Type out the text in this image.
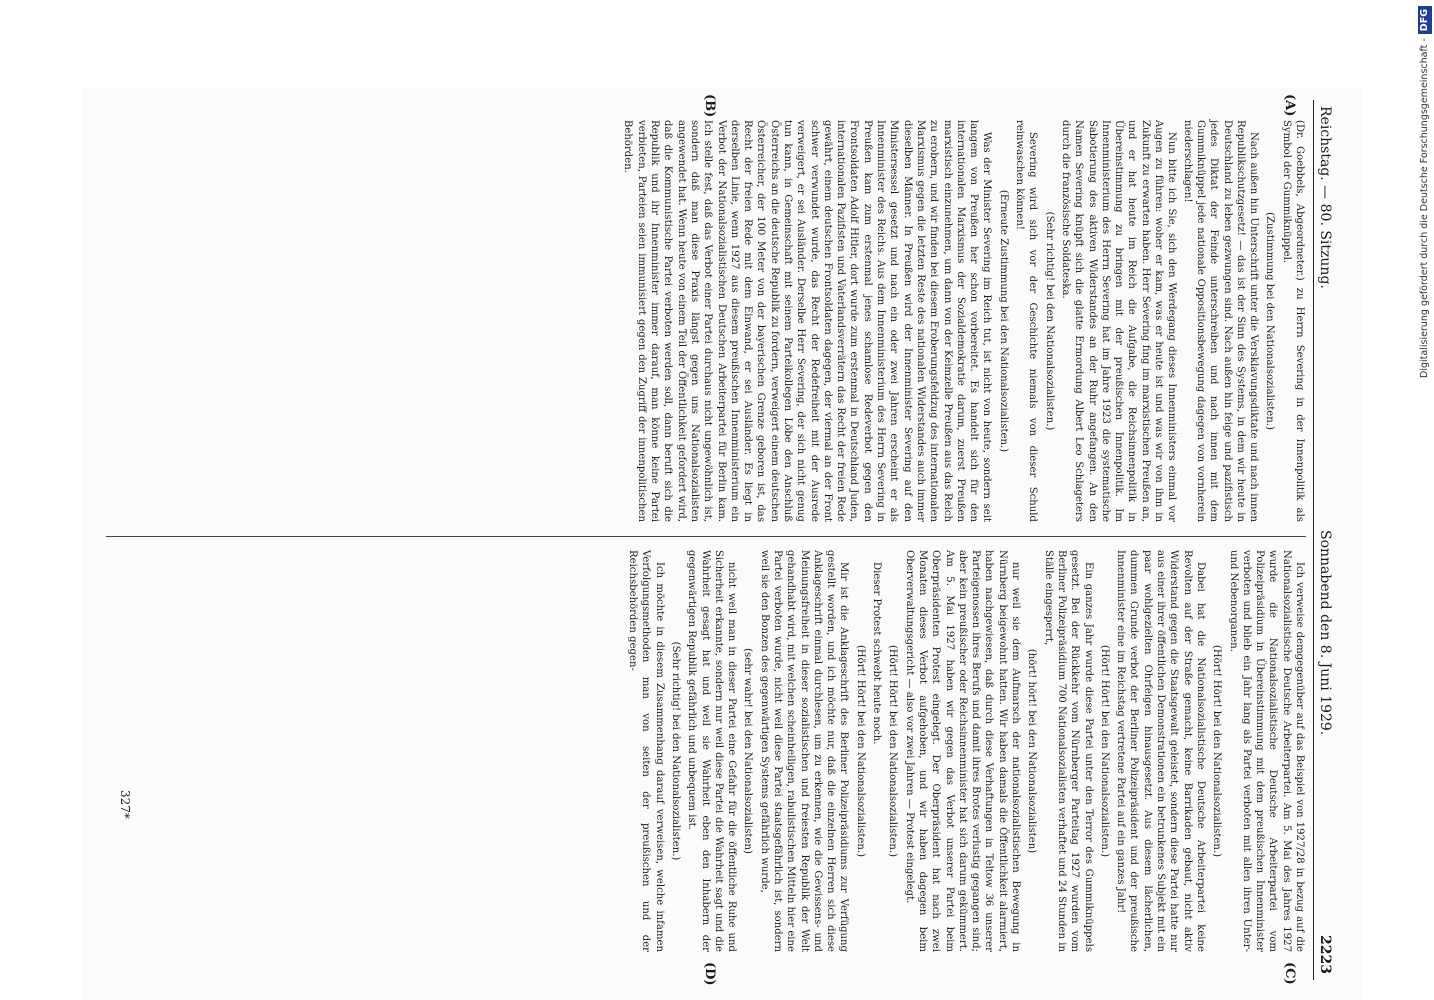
Reichstag. — 80. Sitzung.
Sonnabend den 8. Juni 1929.
2223
(A)
(B)
(C)
(D)

(Dr. Goebbels, Abgeordneter.) zu Herrn Severing in der Innenpolitik als Symbol der Gummiknüppel.

(Zustimmung bei den Nationalsozialisten.)

Nach außen hin Unterschrift unter die Versklavungsdiktate und nach innen Republikschutzgesetz! — das ist der Sinn des Systems, in dem wir heute in Deutschland zu leben gezwungen sind. Nach außen hin feige und pazifistisch jedes Diktat der Feinde unterschreiben und nach innen mit dem Gummiknüppel jede nationale Oppositionsbewegung dagegen von vornherein niederschlagen!

Nun bitte ich Sie, sich den Werdegang dieses Innenministers einmal vor Augen zu führen: woher er kam, was er heute ist und was wir von ihm in Zukunft zu erwarten haben. Herr Severing fing im marxistischen Preußen an, und er hat heute im Reich die Aufgabe, die Reichsinnenpolitik in Übereinstimmung zu bringen mit der preußischen Innenpolitik. Im Innenministerium des Herrn Severing hat im Jahre 1923 die systematische Sabotierung des aktiven Widerstandes an der Ruhr angefangen. An den Namen Severing knüpft sich die glatte Ermordung Albert Leo Schlageters durch die französische Soldateska.

(Sehr richtig! bei den Nationalsozialisten.)

Severing wird sich vor der Geschichte niemals von dieser Schuld reinwaschen können!

(Erneute Zustimmung bei den Nationalsozialisten.)

Was der Minister Severing im Reich tut, ist nicht von heute, sondern seit langem von Preußen her schon vorbereitet. Es handelt sich für den internationalen Marxismus der Sozialdemokratie darum, zuerst Preußen marxistisch einzunehmen, um dann von der Keimzelle Preußen aus das Reich zu erobern, und wir finden bei diesem Eroberungsfeldzug des internationalen Marxismus gegen die letzten Reste des nationalen Widerstandes auch immer dieselben Männer. In Preußen wird der Innenminister Severing auf den Ministersessel gesetzt und nach ein oder zwei Jahren erscheint er als Innenminister des Reichs. Aus dem Innenministerium des Herrn Severing in Preußen kam zum erstenmal jenes schamlose Redeverbot gegen den Frontsoldaten Adolf Hitler, dort wurde zum erstenmal in Deutschland Juden, internationalen Pazifisten und Vaterlandsverrätern das Recht der freien Rede gewährt, einem deutschen Frontsoldaten dagegen, der viermal an der Front schwer verwundet wurde, das Recht der Redefreiheit mit der Ausrede verweigert, er sei Ausländer. Derselbe Herr Severing, der sich nicht genug tun kann, in Gemeinschaft mit seinem Parteikollegen Löbe den Anschluß Österreichs an die deutsche Republik zu fordern, verweigert einem deutschen Österreicher, der 100 Meter von der bayerischen Grenze geboren ist, das Recht der freien Rede mit dem Einwand, er sei Ausländer. Es liegt in derselben Linie, wenn 1927 aus diesem preußischen Innenministerium ein Verbot der Nationalsozialistischen Deutschen Arbeiterpartei für Berlin kam. Ich stelle fest, daß das Verbot einer Partei durchaus nicht ungewöhnlich ist, sondern daß man diese Praxis längst gegen uns Nationalsozialisten angewendet hat. Wenn heute von einem Teil der Öffentlichkeit gefordert wird, daß die Kommunistische Partei verboten werden soll, dann beruft sich die Republik und ihr Innenminister immer darauf, man könne keine Partei verbieten, Parteien seien immunisiert gegen den Zugriff der innenpolitischen Behörden.

Ich verweise demgegenüber auf das Beispiel von 1927/28 in bezug auf die Nationalsozialistische Deutsche Arbeiterpartei. Am 5. Mai des Jahres 1927 wurde die Nationalsozialistische Deutsche Arbeiterpartei vom Polizeipräsidium in Übereinstimmung mit dem preußischen Innenminister verboten und blieb ein Jahr lang als Partei verboten mit allen ihren Unter- und Nebenorganen.

(Hört! Hört! bei den Nationalsozialisten.)

Dabei hat die Nationalsozialistische Deutsche Arbeiterpartei keine Revolten auf der Straße gemacht, keine Barrikaden gebaut, nicht aktiv Widerstand gegen die Staatsgewalt geleistet, sondern diese Partei hatte nur aus einer ihrer öffentlichen Demonstrationen ein betrunkenes Subjekt mit ein paar wohlgezielten Ohrfeigen hinausgesetzt. Aus diesem lächerlichen, dummen Grunde verbot der Berliner Polizeipräsident und der preußische Innenminister eine im Reichstag vertretene Partei auf ein ganzes Jahr!

(Hört! Hört! bei den Nationalsozialisten.)

Ein ganzes Jahr wurde diese Partei unter den Terror des Gummiknüppels gesetzt. Bei der Rückkehr vom Nürnberger Parteitag 1927 wurden vom Berliner Polizeipräsidium 700 Nationalsozialisten verhaftet und 24 Stunden in Ställe eingesperrt,

(hört! hört! bei den Nationalsozialisten)

nur weil sie dem Aufmarsch der nationalsozialistischen Bewegung in Nürnberg beigewohnt hatten. Wir haben damals die Öffentlichkeit alarmiert, haben nachgewiesen, daß durch diese Verhaftungen in Teltow 36 unserer Parteigenossen ihres Berufs und damit ihres Brotes verlustig gegangen sind; aber kein preußischer oder Reichsinnenminister hat sich darum gekümmert. Am 5. Mai 1927 haben wir gegen das Verbot unserer Partei beim Oberpräsidenten Protest eingelegt. Der Oberpräsident hat nach zwei Monaten dieses Verbot aufgehoben, und wir haben dagegen beim Oberverwaltungsgericht — also vor zwei Jahren — Protest eingelegt.

(Hört! Hört! bei den Nationalsozialisten.)

Dieser Protest schwebt heute noch.

(Hört! Hört! bei den Nationalsozialisten.)

Mir ist die Anklageschrift des Berliner Polizeipräsidiums zur Verfügung gestellt worden, und ich möchte nur, daß die einzelnen Herren sich diese Anklageschrift einmal durchlesen, um zu erkennen, wie die Gewissens- und Meinungsfreiheit in dieser sozialistischen und freiesten Republik der Welt gehandhabt wird, mit welchen scheinheiligen, rabulistischen Mitteln hier eine Partei verboten wurde, nicht weil diese Partei staatsgefährlich ist, sondern weil sie den Bonzen des gegenwärtigen Systems gefährlich wurde,

(sehr wahr! bei den Nationalsozialisten)

nicht weil man in dieser Partei eine Gefahr für die öffentliche Ruhe und Sicherheit erkannte, sondern nur weil diese Partei die Wahrheit sagt und die Wahrheit gesagt hat und weil sie Wahrheit eben den Inhabern der gegenwärtigen Republik gefährlich und unbequem ist.

(Sehr richtig! bei den Nationalsozialisten.)

Ich möchte in diesem Zusammenhang darauf verweisen, welche infamen Verfolgungsmethoden man von seiten der preußischen und der Reichsbehörden gegen-

327*
Digitalisierung gefördert durch die Deutsche Forschungsgemeinschaft -DFG
